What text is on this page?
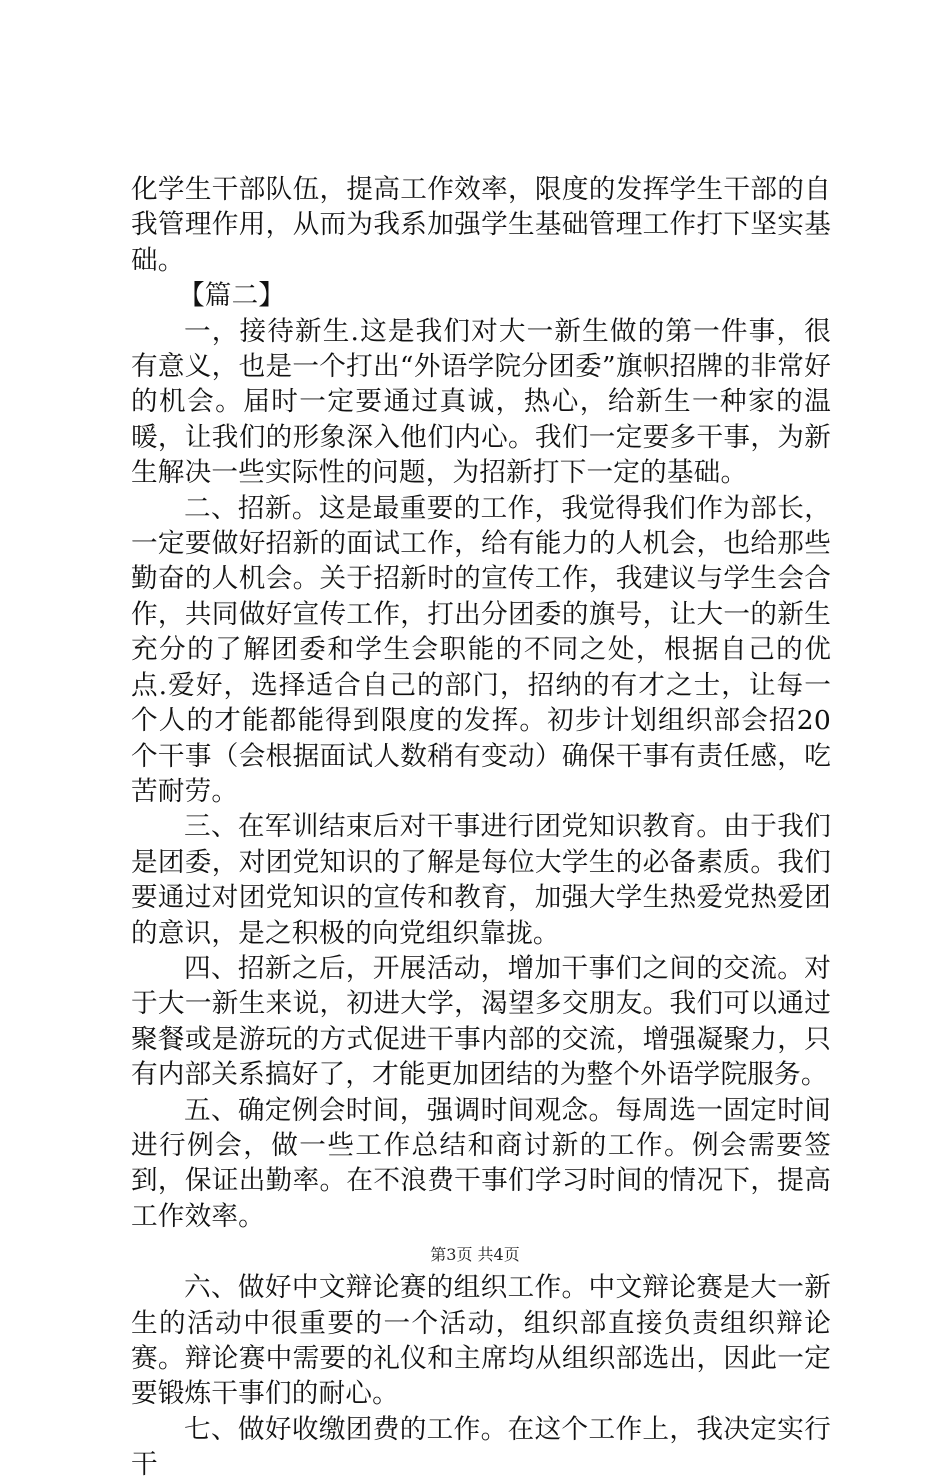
化学生干部队伍，提高工作效率，限度的发挥学生干部的自我管理作用，从而为我系加强学生基础管理工作打下坚实基础。

【篇二】

一，接待新生.这是我们对大一新生做的第一件事，很有意义，也是一个打出“外语学院分团委”旗帜招牌的非常好的机会。届时一定要通过真诚，热心，给新生一种家的温暖，让我们的形象深入他们内心。我们一定要多干事，为新生解决一些实际性的问题，为招新打下一定的基础。

二、招新。这是最重要的工作，我觉得我们作为部长，一定要做好招新的面试工作，给有能力的人机会，也给那些勤奋的人机会。关于招新时的宣传工作，我建议与学生会合作，共同做好宣传工作，打出分团委的旗号，让大一的新生充分的了解团委和学生会职能的不同之处，根据自己的优点.爱好，选择适合自己的部门，招纳的有才之士，让每一个人的才能都能得到限度的发挥。初步计划组织部会招20个干事（会根据面试人数稍有变动）确保干事有责任感，吃苦耐劳。

三、在军训结束后对干事进行团党知识教育。由于我们是团委，对团党知识的了解是每位大学生的必备素质。我们要通过对团党知识的宣传和教育，加强大学生热爱党热爱团的意识，是之积极的向党组织靠拢。

四、招新之后，开展活动，增加干事们之间的交流。对于大一新生来说，初进大学，渴望多交朋友。我们可以通过聚餐或是游玩的方式促进干事内部的交流，增强凝聚力，只有内部关系搞好了，才能更加团结的为整个外语学院服务。

五、确定例会时间，强调时间观念。每周选一固定时间进行例会，做一些工作总结和商讨新的工作。例会需要签到，保证出勤率。在不浪费干事们学习时间的情况下，提高工作效率。

六、做好中文辩论赛的组织工作。中文辩论赛是大一新生的活动中很重要的一个活动，组织部直接负责组织辩论赛。辩论赛中需要的礼仪和主席均从组织部选出，因此一定要锻炼干事们的耐心。

七、做好收缴团费的工作。在这个工作上，我决定实行干

第3页 共4页
